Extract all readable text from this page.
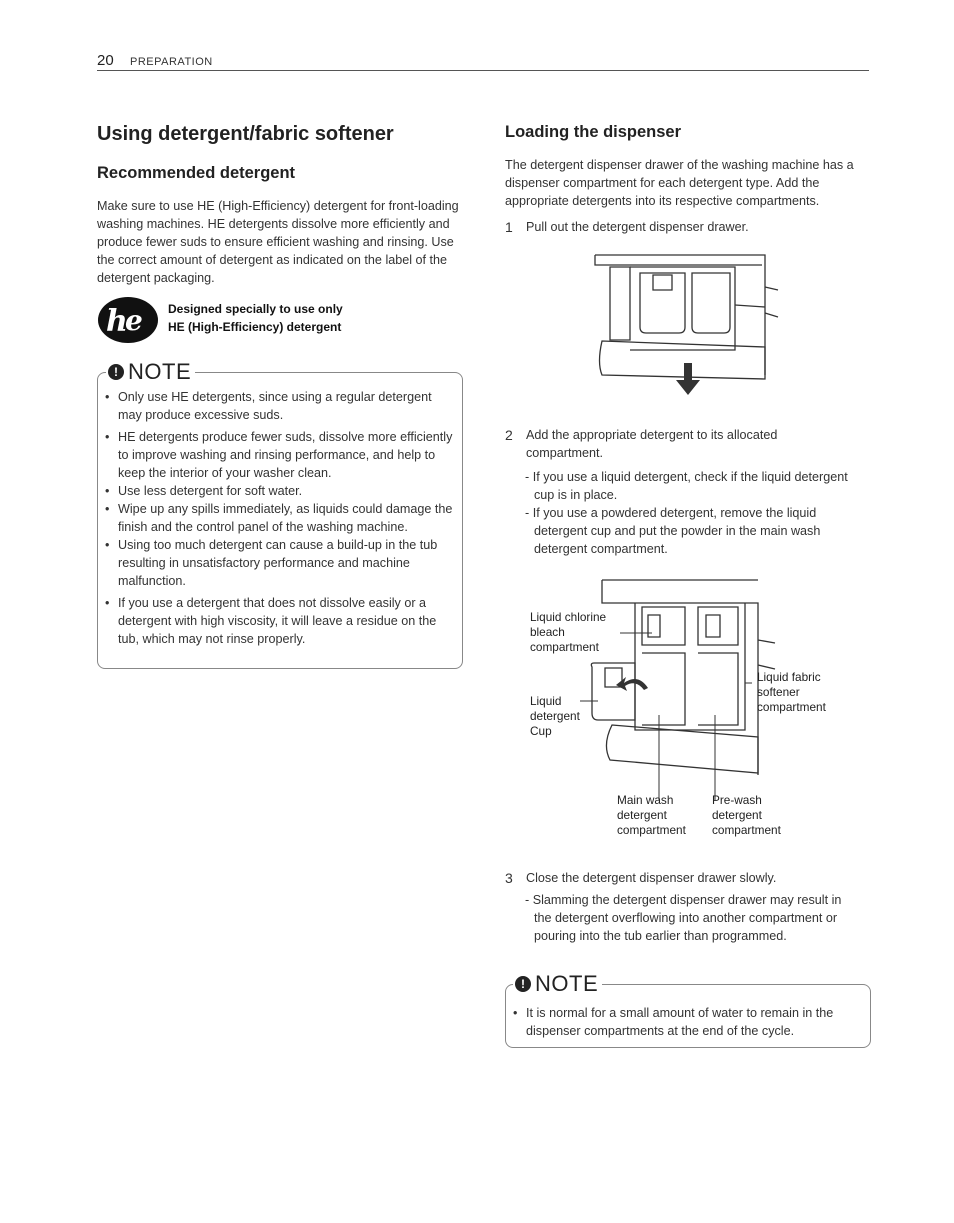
20 PREPARATION
Using detergent/fabric softener
Recommended detergent
Make sure to use HE (High-Efficiency) detergent for front-loading washing machines. HE detergents dissolve more efficiently and produce fewer suds to ensure efficient washing and rinsing. Use the correct amount of detergent as indicated on the label of the detergent packaging.
h
e Designed specially to use only
HE (High-Efficiency) detergent
! NOTE
• Only use HE detergents, since using a regular detergent may produce excessive suds.
• HE detergents produce fewer suds, dissolve more efficiently to improve washing and rinsing performance, and help to keep the interior of your washer clean.
• Use less detergent for soft water.
• Wipe up any spills immediately, as liquids could damage the finish and the control panel of the washing machine.
• Using too much detergent can cause a build-up in the tub resulting in unsatisfactory performance and machine malfunction.
• If you use a detergent that does not dissolve easily or a detergent with high viscosity, it will leave a residue on the tub, which may not rinse properly.
Loading the dispenser
The detergent dispenser drawer of the washing machine has a dispenser compartment for each detergent type. Add the appropriate detergents into its respective compartments.
1 Pull out the detergent dispenser drawer.
2 Add the appropriate detergent to its allocated compartment.
- If you use a liquid detergent, check if the liquid detergent cup is in place.
- If you use a powdered detergent, remove the liquid detergent cup and put the powder in the main wash detergent compartment.
Liquid chlorine bleach compartment
Liquid detergent Cup
Liquid fabric softener compartment
Main wash detergent compartment
Pre-wash detergent compartment
3 Close the detergent dispenser drawer slowly.
- Slamming the detergent dispenser drawer may result in the detergent overflowing into another compartment or pouring into the tub earlier than programmed.
! NOTE
• It is normal for a small amount of water to remain in the dispenser compartments at the end of the cycle.
